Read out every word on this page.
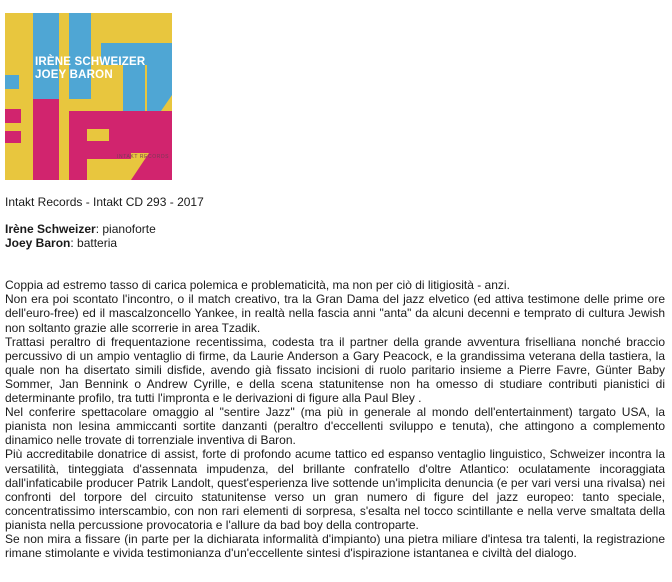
IRÈNE SCHWEIZER
JOEY BARON
INTAKT RECORDS

Intakt Records - Intakt CD 293 - 2017

Irène Schweizer: pianoforte

Joey Baron: batteria

Coppia ad estremo tasso di carica polemica e problematicità, ma non per ciò di litigiosità - anzi.

Non era poi scontato l'incontro, o il match creativo, tra la Gran Dama del jazz elvetico (ed attiva testimone delle prime ore dell'euro-free) ed il mascalzoncello Yankee, in realtà nella fascia anni "anta" da alcuni decenni e temprato di cultura Jewish non soltanto grazie alle scorrerie in area Tzadik.

Trattasi peraltro di frequentazione recentissima, codesta tra il partner della grande avventura friselliana nonché braccio percussivo di un ampio ventaglio di firme, da Laurie Anderson a Gary Peacock, e la grandissima veterana della tastiera, la quale non ha disertato simili disfide, avendo già fissato incisioni di ruolo paritario insieme a Pierre Favre, Günter Baby Sommer, Jan Bennink o Andrew Cyrille, e della scena statunitense non ha omesso di studiare contributi pianistici di determinante profilo, tra tutti l'impronta e le derivazioni di figure alla Paul Bley .

Nel conferire spettacolare omaggio al "sentire Jazz" (ma più in generale al mondo dell'entertainment) targato USA, la pianista non lesina ammiccanti sortite danzanti (peraltro d'eccellenti sviluppo e tenuta), che attingono a complemento dinamico nelle trovate di torrenziale inventiva di Baron.

Più accreditabile donatrice di assist, forte di profondo acume tattico ed espanso ventaglio linguistico, Schweizer incontra la versatilità, tinteggiata d'assennata impudenza, del brillante confratello d'oltre Atlantico: oculatamente incoraggiata dall'infaticabile producer Patrik Landolt, quest'esperienza live sottende un'implicita denuncia (e per vari versi una rivalsa) nei confronti del torpore del circuito statunitense verso un gran numero di figure del jazz europeo: tanto speciale, concentratissimo interscambio, con non rari elementi di sorpresa, s'esalta nel tocco scintillante e nella verve smaltata della pianista nella percussione provocatoria e l'allure da bad boy della controparte.

Se non mira a fissare (in parte per la dichiarata informalità d'impianto) una pietra miliare d'intesa tra talenti, la registrazione rimane stimolante e vivida testimonianza d'un'eccellente sintesi d'ispirazione istantanea e civiltà del dialogo.
